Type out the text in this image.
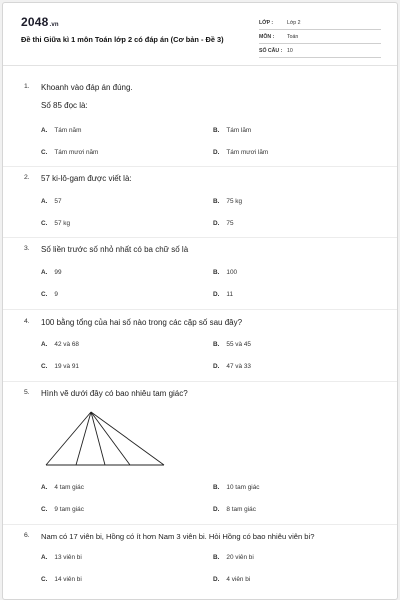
2048.vn
Đề thi Giữa kì 1 môn Toán lớp 2 có đáp án (Cơ bản - Đề 3)
LỚP :	Lớp 2
MÔN : Toán
SỐ CÂU : 10
1. Khoanh vào đáp án đúng.
Số 85 đọc là:
A. Tám năm	B. Tám lăm
C. Tám mươi năm	D. Tám mươi lăm
2. 57 ki-lô-gam được viết là:
A. 57	B. 75 kg
C. 57 kg	D. 75
3. Số liền trước số nhỏ nhất có ba chữ số là
A. 99	B. 100
C. 9	D. 11
4. 100 bằng tổng của hai số nào trong các cặp số sau đây?
A. 42 và 68	B. 55 và 45
C. 19 và 91	D. 47 và 33
5. Hình vẽ dưới đây có bao nhiêu tam giác?
A. 4 tam giác	B. 10 tam giác
C. 9 tam giác	D. 8 tam giác
6. Nam có 17 viên bi, Hồng có ít hơn Nam 3 viên bi. Hỏi Hồng có bao nhiêu viên bi?
A. 13 viên bi	B. 20 viên bi
C. 14 viên bi	D. 4 viên bi
